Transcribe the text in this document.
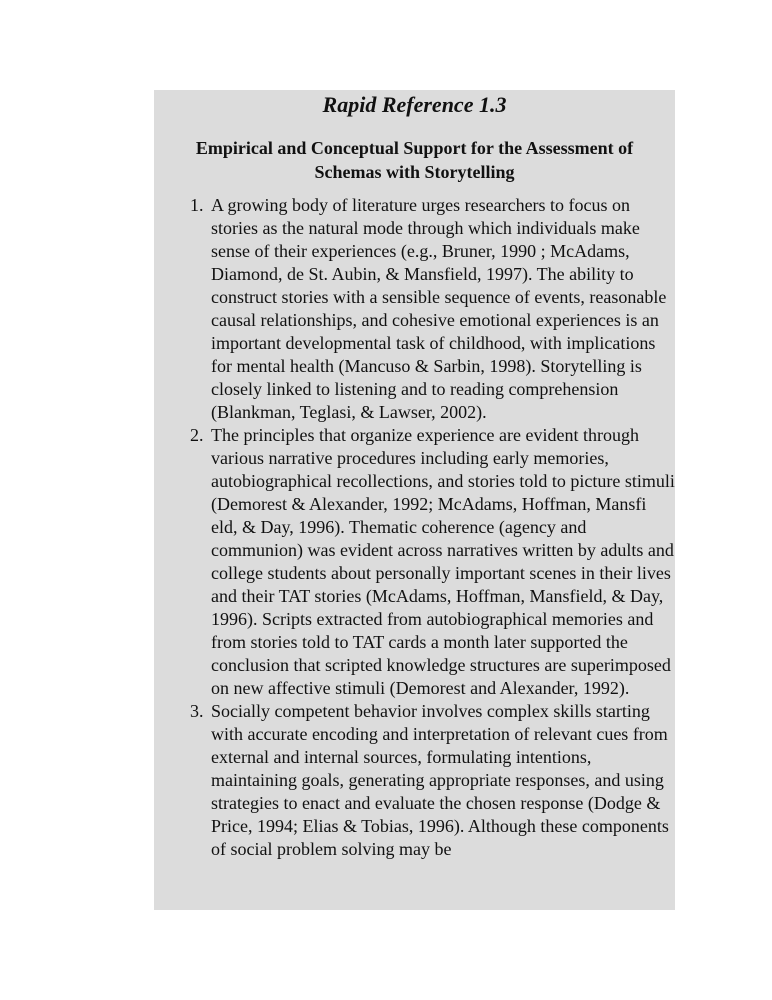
Rapid Reference 1.3
Empirical and Conceptual Support for the Assessment of Schemas with Storytelling
1. A growing body of literature urges researchers to focus on stories as the natural mode through which individuals make sense of their experiences (e.g., Bruner, 1990 ; McAdams, Diamond, de St. Aubin, & Mansfield, 1997). The ability to construct stories with a sensible sequence of events, reasonable causal relationships, and cohesive emotional experiences is an important developmental task of childhood, with implications for mental health (Mancuso & Sarbin, 1998). Storytelling is closely linked to listening and to reading comprehension (Blankman, Teglasi, & Lawser, 2002).
2. The principles that organize experience are evident through various narrative procedures including early memories, autobiographical recollections, and stories told to picture stimuli (Demorest & Alexander, 1992; McAdams, Hoffman, Mansfi eld, & Day, 1996). Thematic coherence (agency and communion) was evident across narratives written by adults and college students about personally important scenes in their lives and their TAT stories (McAdams, Hoffman, Mansfield, & Day, 1996). Scripts extracted from autobiographical memories and from stories told to TAT cards a month later supported the conclusion that scripted knowledge structures are superimposed on new affective stimuli (Demorest and Alexander, 1992).
3. Socially competent behavior involves complex skills starting with accurate encoding and interpretation of relevant cues from external and internal sources, formulating intentions, maintaining goals, generating appropriate responses, and using strategies to enact and evaluate the chosen response (Dodge & Price, 1994; Elias & Tobias, 1996). Although these components of social problem solving may be
